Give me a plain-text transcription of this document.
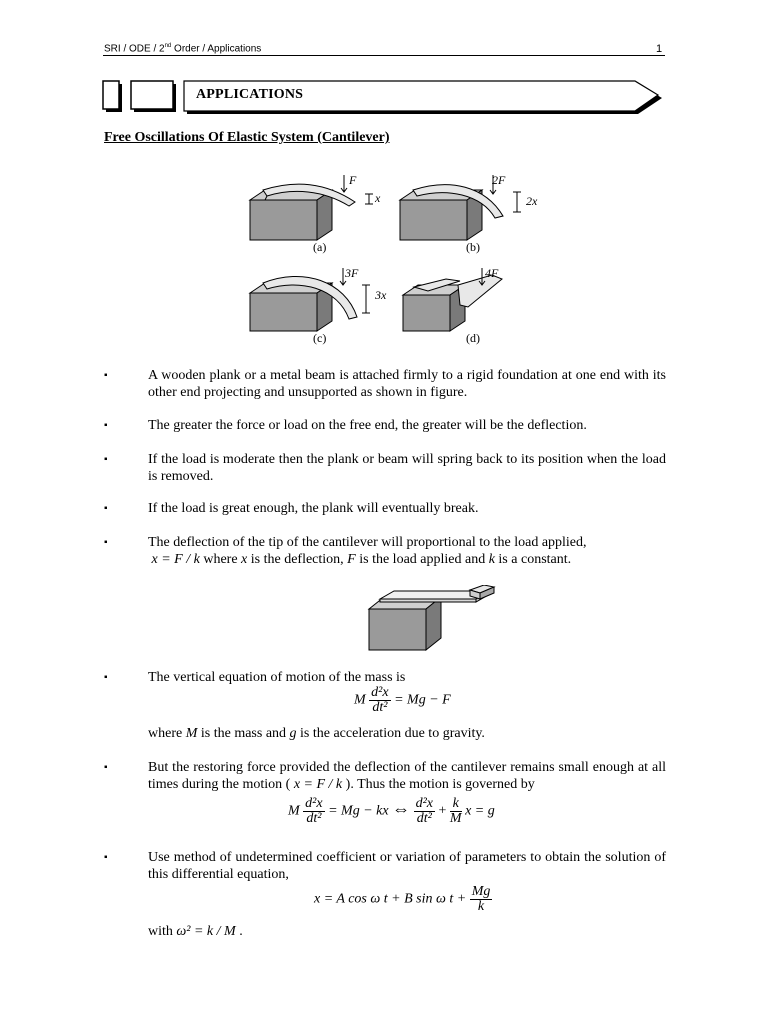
SRI / ODE / 2nd Order / Applications	1
APPLICATIONS
Free Oscillations Of Elastic System (Cantilever)
F
x
(a)
2F
2x
(b)
3F
3x
(c)
4F
(d)
▪	A wooden plank or a metal beam is attached firmly to a rigid foundation at one end with its other end projecting and unsupported as shown in figure.
▪	The greater the force or load on the free end, the greater will be the deflection.
▪	If the load is moderate then the plank or beam will spring back to its position when the load is removed.
▪	If the load is great enough, the plank will eventually break.
▪	The deflection of the tip of the cantilever will proportional to the load applied,
x = F / k where x is the deflection, F is the load applied and k is a constant.
▪	The vertical equation of motion of the mass is
M $\frac{\text{d²x}}{\text{dt²}} = Mg - F$
where M is the mass and g is the acceleration due to gravity.
▪	But the restoring force provided the deflection of the cantilever remains small enough at all times during the motion ( x = F / k ). Thus the motion is governed by
M $\frac{\text{d²x}}{\text{dt²}} = Mg$ − kx ⇔ $\frac{\text{d²x}}{\text{dt²}} + \frac{k}{M}$ x = g
▪	Use method of undetermined coefficient or variation of parameters to obtain the solution of this differential equation,
x = A cos ω t + B sin ω $t + \frac{Mg}{k}$
with ω² = k / M .
